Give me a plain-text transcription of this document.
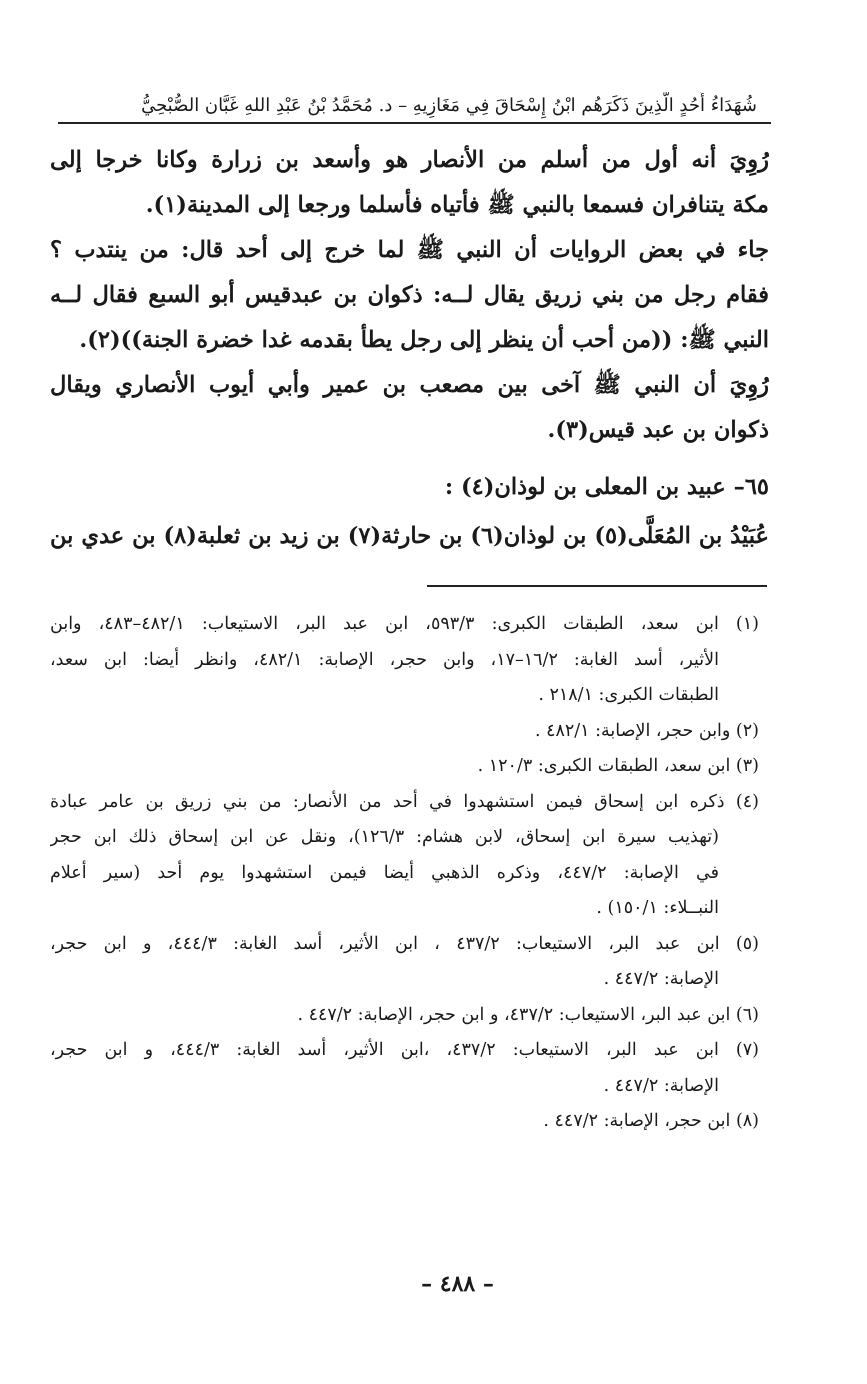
شُهَدَاءُ أُحُدٍ الَّذِينَ ذَكَرَهُم ابْنُ إِسْحَاقَ فِي مَغَازِيهِ – د. مُحَمَّدُ بْنُ عَبْدِ اللهِ غَبَّان الصُّبْحِيُّ

رُوِيَ أنه أول من أسلم من الأنصار هو وأسعد بن زرارة وكانا خرجا إلى
مكة يتنافران فسمعا بالنبي ﷺ فأتياه فأسلما ورجعا إلى المدينة(١).

جاء في بعض الروايات أن النبي ﷺ لما خرج إلى أحد قال: من ينتدب ؟
فقام رجل من بني زريق يقال لــه: ذكوان بن عبدقيس أبو السبع فقال لــه
النبي ﷺ: ((من أحب أن ينظر إلى رجل يطأ بقدمه غدا خضرة الجنة))(٢).

رُوِيَ أن النبي ﷺ آخى بين مصعب بن عمير وأبي أيوب الأنصاري ويقال
ذكوان بن عبد قيس(٣).

٦٥– عبيد بن المعلى بن لوذان(٤) :

عُبَيْدُ بن المُعَلَّى(٥) بن لوذان(٦) بن حارثة(٧) بن زيد بن ثعلبة(٨) بن عدي بن

(١) ابن سعد، الطبقات الكبرى: ٥٩٣/٣، ابن عبد البر، الاستيعاب: ٤٨٢/١–٤٨٣، وابن
الأثير، أسد الغابة: ١٦/٢–١٧، وابن حجر، الإصابة: ٤٨٢/١، وانظر أيضا: ابن سعد،
الطبقات الكبرى: ٢١٨/١ .
(٢) وابن حجر، الإصابة: ٤٨٢/١ .
(٣) ابن سعد، الطبقات الكبرى: ١٢٠/٣ .
(٤) ذكره ابن إسحاق فيمن استشهدوا في أحد من الأنصار: من بني زريق بن عامر عبادة
(تهذيب سيرة ابن إسحاق، لابن هشام: ١٢٦/٣)، ونقل عن ابن إسحاق ذلك ابن حجر
في الإصابة: ٤٤٧/٢، وذكره الذهبي أيضا فيمن استشهدوا يوم أحد (سير أعلام
النبــلاء: ١٥٠/١) .
(٥) ابن عبد البر، الاستيعاب: ٤٣٧/٢ ، ابن الأثير، أسد الغابة: ٤٤٤/٣، و ابن حجر،
الإصابة: ٤٤٧/٢ .
(٦) ابن عبد البر، الاستيعاب: ٤٣٧/٢، و ابن حجر، الإصابة: ٤٤٧/٢ .
(٧) ابن عبد البر، الاستيعاب: ٤٣٧/٢، ،ابن الأثير، أسد الغابة: ٤٤٤/٣، و ابن حجر،
الإصابة: ٤٤٧/٢ .
(٨) ابن حجر، الإصابة: ٤٤٧/٢ .
– ٤٨٨ –
